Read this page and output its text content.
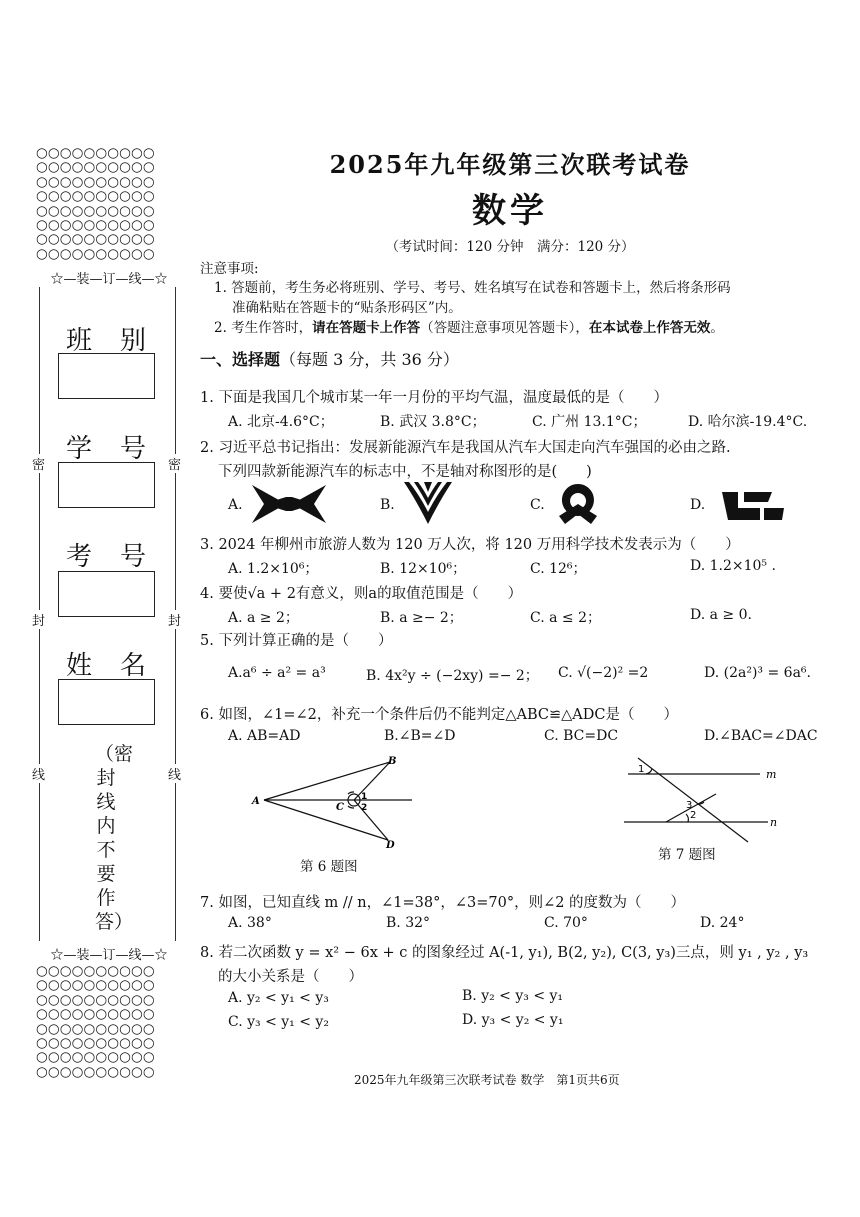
○○○○○○○○○○
○○○○○○○○○○
○○○○○○○○○○
○○○○○○○○○○
○○○○○○○○○○
○○○○○○○○○○
○○○○○○○○○○
○○○○○○○○○○
☆—装—订—线—☆
密	密
封	封
线	线
班别
学号
考号
姓名
（密封线内不要作答）
☆—装—订—线—☆
○○○○○○○○○○
○○○○○○○○○○
○○○○○○○○○○
○○○○○○○○○○
○○○○○○○○○○
○○○○○○○○○○
○○○○○○○○○○
○○○○○○○○○○
2025年九年级第三次联考试卷
数学
（考试时间：120 分钟　满分：120 分）
注意事项:
1. 答题前，考生务必将班别、学号、考号、姓名填写在试卷和答题卡上，然后将条形码
准确粘贴在答题卡的“贴条形码区”内。
2. 考生作答时，请在答题卡上作答（答题注意事项见答题卡），在本试卷上作答无效。
一、选择题（每题 3 分，共 36 分）
1. 下面是我国几个城市某一年一月份的平均气温，温度最低的是（　　）
A. 北京-4.6°C；	B. 武汉 3.8°C；	C. 广州 13.1°C；	D. 哈尔滨-19.4°C.
2. 习近平总书记指出：发展新能源汽车是我国从汽车大国走向汽车强国的必由之路.
下列四款新能源汽车的标志中，不是轴对称图形的是(　　)
A.	B.	C.	D.
3. 2024 年柳州市旅游人数为 120 万人次，将 120 万用科学技术发表示为（　　）
A. 1.2×10⁶；	B. 12×10⁶；	C. 12⁶；	D. 1.2×10⁵ .
4. 要使√a + 2有意义，则a的取值范围是（　　）
A. a ≥ 2；	B. a ≥− 2；	C. a ≤ 2；	D. a ≥ 0.
5. 下列计算正确的是（　　）
A.a⁶ ÷ a² = a³	B. 4x²y ÷ (−2xy) =− 2； C. √(−2)² =2	D. (2a²)³ = 6a⁶.
6. 如图，∠1=∠2，补充一个条件后仍不能判定△ABC≌△ADC是（　　）
A. AB=AD	B.∠B=∠D	C. BC=DC	D.∠BAC=∠DAC
A
B
C
D
1
2
第 6 题图
1	m
3
2
n
第 7 题图
7. 如图，已知直线 m // n，∠1=38°，∠3=70°，则∠2 的度数为（　　）
A. 38°	B. 32°	C. 70°	D. 24°
8. 若二次函数 y = x² − 6x + c 的图象经过 A(-1, y₁), B(2, y₂), C(3, y₃)三点，则 y₁ , y₂ , y₃
的大小关系是（　　）
A. y₂ < y₁ < y₃	B. y₂ < y₃ < y₁
C. y₃ < y₁ < y₂	D. y₃ < y₂ < y₁
2025年九年级第三次联考试卷 数学　第1页共6页
